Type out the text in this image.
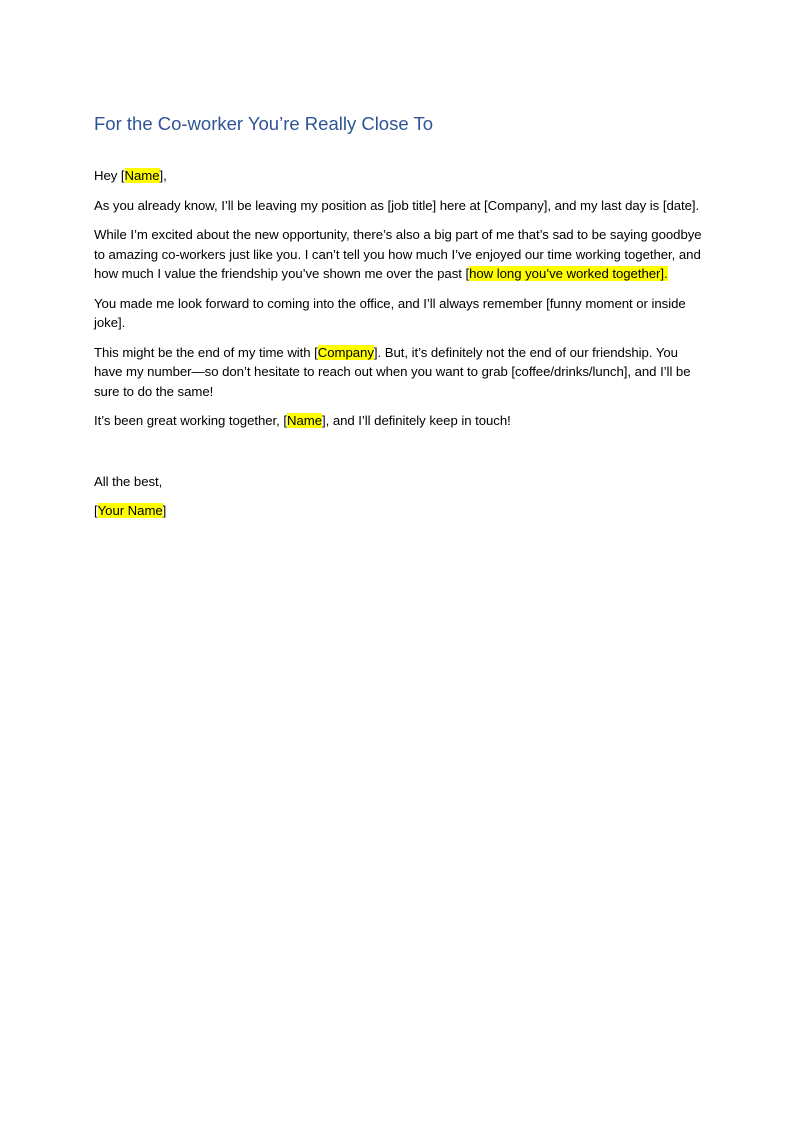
For the Co-worker You’re Really Close To

Hey [Name],

As you already know, I’ll be leaving my position as [job title] here at [Company], and my last day is [date].

While I’m excited about the new opportunity, there’s also a big part of me that’s sad to be saying goodbye to amazing co-workers just like you. I can’t tell you how much I’ve enjoyed our time working together, and how much I value the friendship you’ve shown me over the past [how long you’ve worked together].

You made me look forward to coming into the office, and I’ll always remember [funny moment or inside joke].

This might be the end of my time with [Company]. But, it’s definitely not the end of our friendship. You have my number—so don’t hesitate to reach out when you want to grab [coffee/drinks/lunch], and I’ll be sure to do the same!

It’s been great working together, [Name], and I’ll definitely keep in touch!

All the best,

[Your Name]
